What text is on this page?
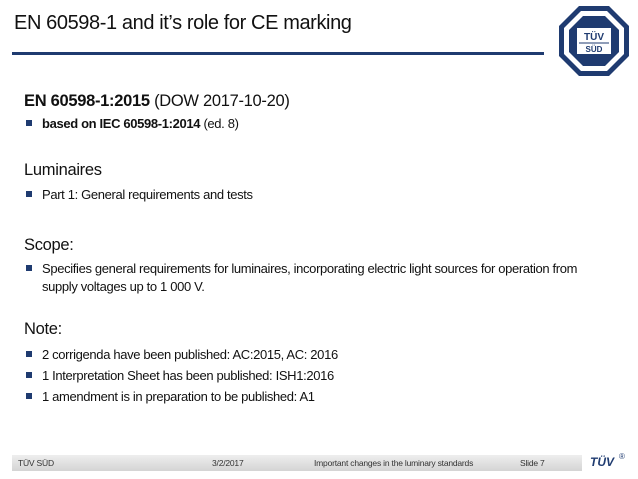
EN 60598-1 and it’s role for CE marking
TÜV
SÜD
EN 60598-1:2015 (DOW 2017-10-20)
based on IEC 60598-1:2014 (ed. 8)
Luminaires
Part 1: General requirements and tests
Scope:
Specifies general requirements for luminaires, incorporating electric light sources for operation from supply voltages up to 1 000 V.
Note:
2 corrigenda have been published: AC:2015, AC: 2016
1 Interpretation Sheet has been published: ISH1:2016
1 amendment is in preparation to be published: A1
TÜV SÜD	3/2/2017	Important changes in the luminary standards	Slide 7	TÜV ®
